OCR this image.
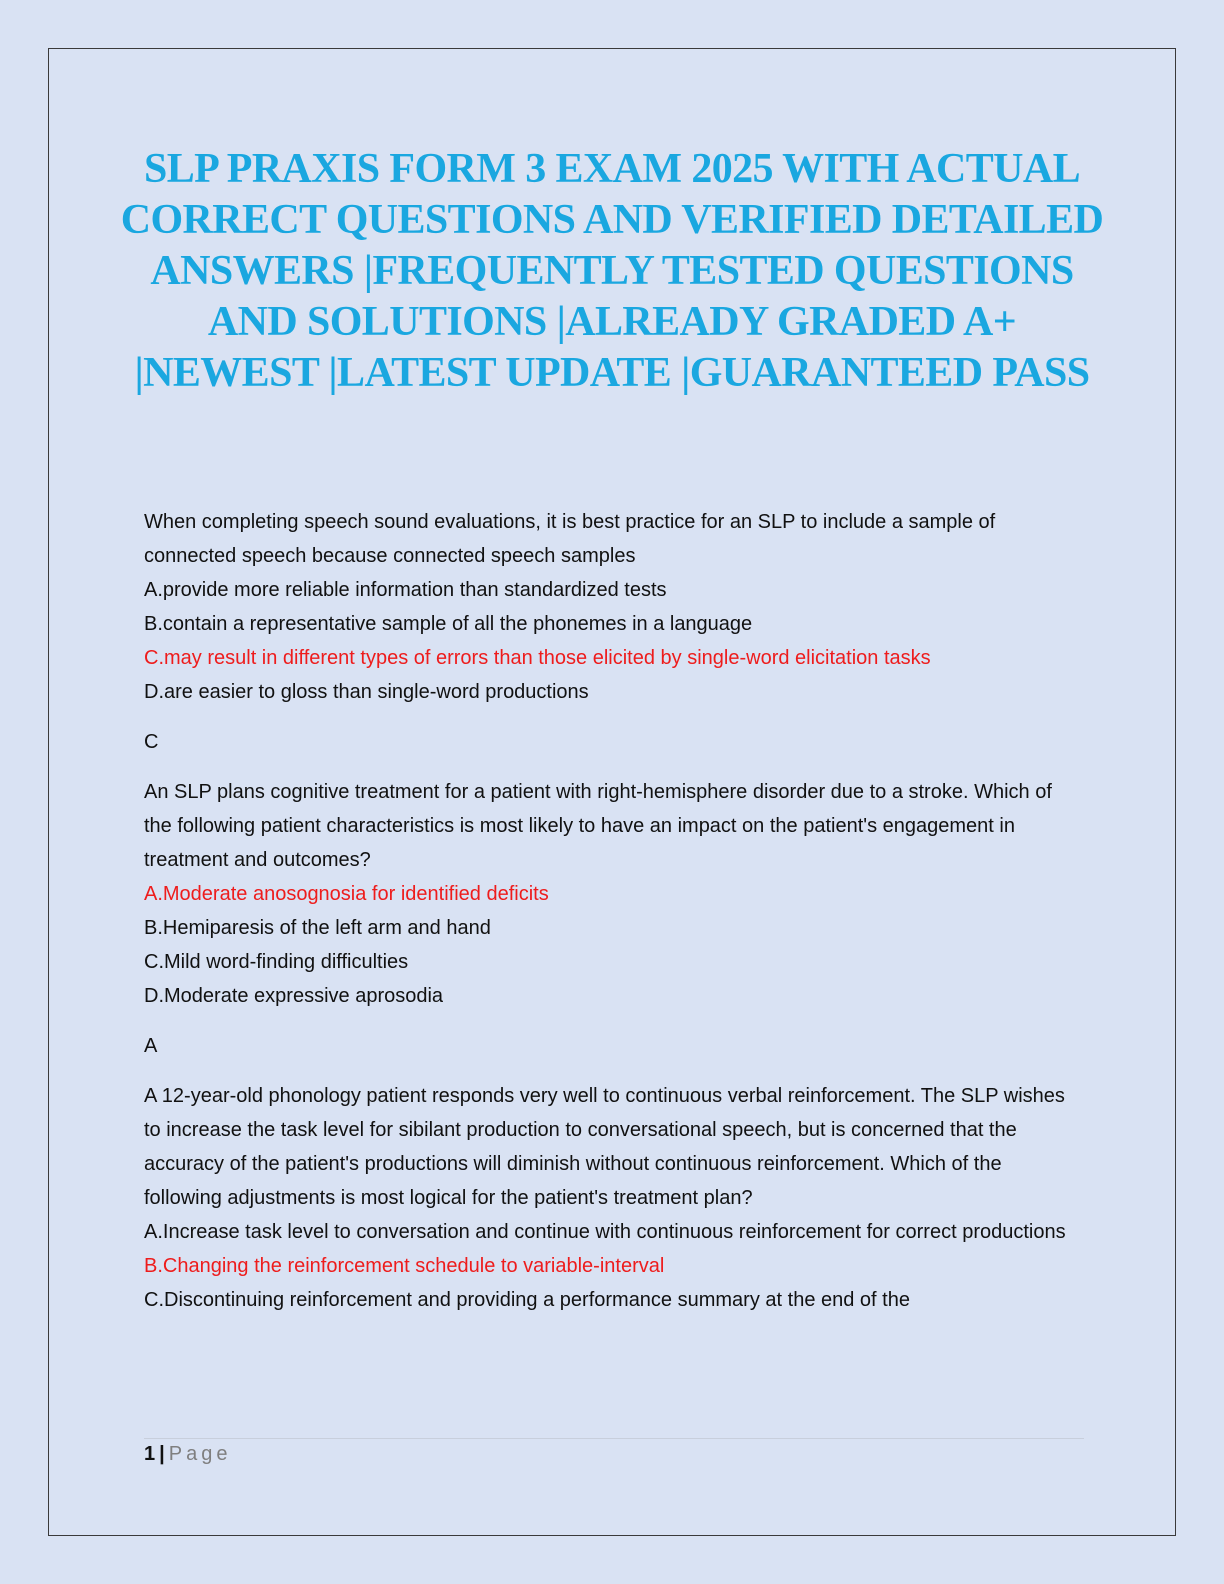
SLP PRAXIS FORM 3 EXAM 2025 WITH ACTUAL CORRECT QUESTIONS AND VERIFIED DETAILED ANSWERS |FREQUENTLY TESTED QUESTIONS AND SOLUTIONS |ALREADY GRADED A+ |NEWEST |LATEST UPDATE |GUARANTEED PASS

When completing speech sound evaluations, it is best practice for an SLP to include a sample of connected speech because connected speech samples

A.provide more reliable information than standardized tests
B.contain a representative sample of all the phonemes in a language
C.may result in different types of errors than those elicited by single-word elicitation tasks
D.are easier to gloss than single-word productions
C

An SLP plans cognitive treatment for a patient with right-hemisphere disorder due to a stroke. Which of the following patient characteristics is most likely to have an impact on the patient's engagement in treatment and outcomes?

A.Moderate anosognosia for identified deficits
B.Hemiparesis of the left arm and hand
C.Mild word-finding difficulties
D.Moderate expressive aprosodia
A

A 12-year-old phonology patient responds very well to continuous verbal reinforcement. The SLP wishes to increase the task level for sibilant production to conversational speech, but is concerned that the accuracy of the patient's productions will diminish without continuous reinforcement. Which of the following adjustments is most logical for the patient's treatment plan?

A.Increase task level to conversation and continue with continuous reinforcement for correct productions
B.Changing the reinforcement schedule to variable-interval
C.Discontinuing reinforcement and providing a performance summary at the end of the
1 | Page
